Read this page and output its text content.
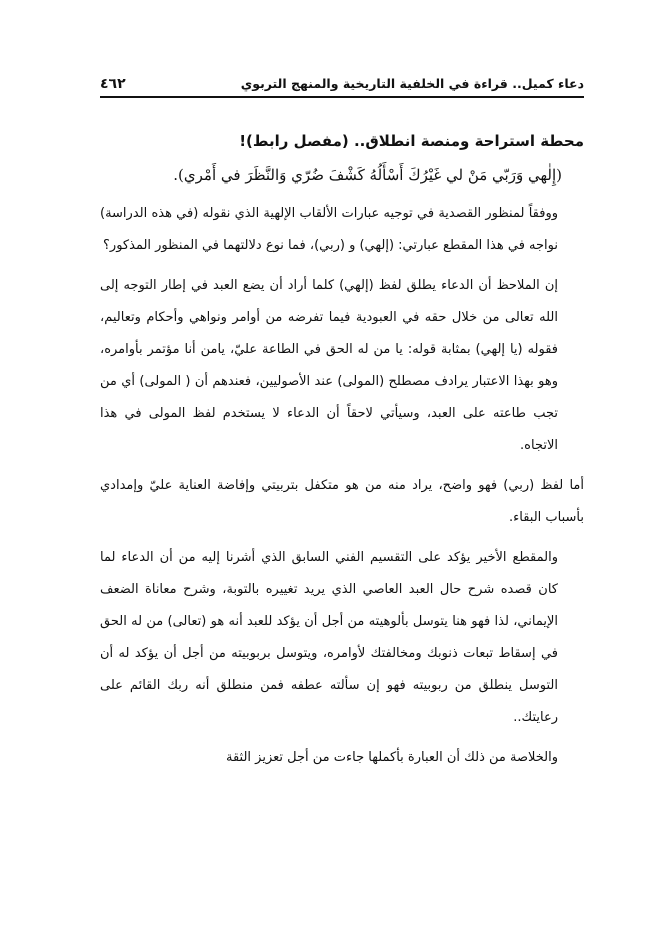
دعاء كميل.. قراءة في الخلفية التاريخية والمنهج التربوي
٤٦٢
محطة استراحة ومنصة انطلاق.. (مفصل رابط)!
(إِلٰهي وَرَبّي مَنْ لي غَيْرُكَ أَسْأَلُهُ كَشْفَ ضُرّي وَالنَّظَرَ في أَمْري).

ووفقاً لمنظور القصدية في توجيه عبارات الألقاب الإلهية الذي نقوله (في هذه الدراسة) نواجه في هذا المقطع عبارتي: (إلهي) و (ربي)، فما نوع دلالتهما في المنظور المذكور؟

إن الملاحظ أن الدعاء يطلق لفظ (إلهي) كلما أراد أن يضع العبد في إطار التوجه إلى الله تعالى من خلال حقه في العبودية فيما تفرضه من أوامر ونواهي وأحكام وتعاليم، فقوله (يا إلهي) بمثابة قوله: يا من له الحق في الطاعة عليّ، يامن أنا مؤتمر بأوامره، وهو بهذا الاعتبار يرادف مصطلح (المولى) عند الأصوليين، فعندهم أن ( المولى) أي من تجب طاعته على العبد، وسيأتي لاحقاً أن الدعاء لا يستخدم لفظ المولى في هذا الاتجاه.

أما لفظ (ربي) فهو واضح، يراد منه من هو متكفل بتربيتي وإفاضة العناية عليّ وإمدادي بأسباب البقاء.

والمقطع الأخير يؤكد على التقسيم الفني السابق الذي أشرنا إليه من أن الدعاء لما كان قصده شرح حال العبد العاصي الذي يريد تغييره بالتوبة، وشرح معاناة الضعف الإيماني، لذا فهو هنا يتوسل بألوهيته من أجل أن يؤكد للعبد أنه هو (تعالى) من له الحق في إسقاط تبعات ذنوبك ومخالفتك لأوامره، ويتوسل بربوبيته من أجل أن يؤكد له أن التوسل ينطلق من ربوبيته فهو إن سألته عطفه فمن منطلق أنه ربك القائم على رعايتك..

والخلاصة من ذلك أن العبارة بأكملها جاءت من أجل تعزيز الثقة
